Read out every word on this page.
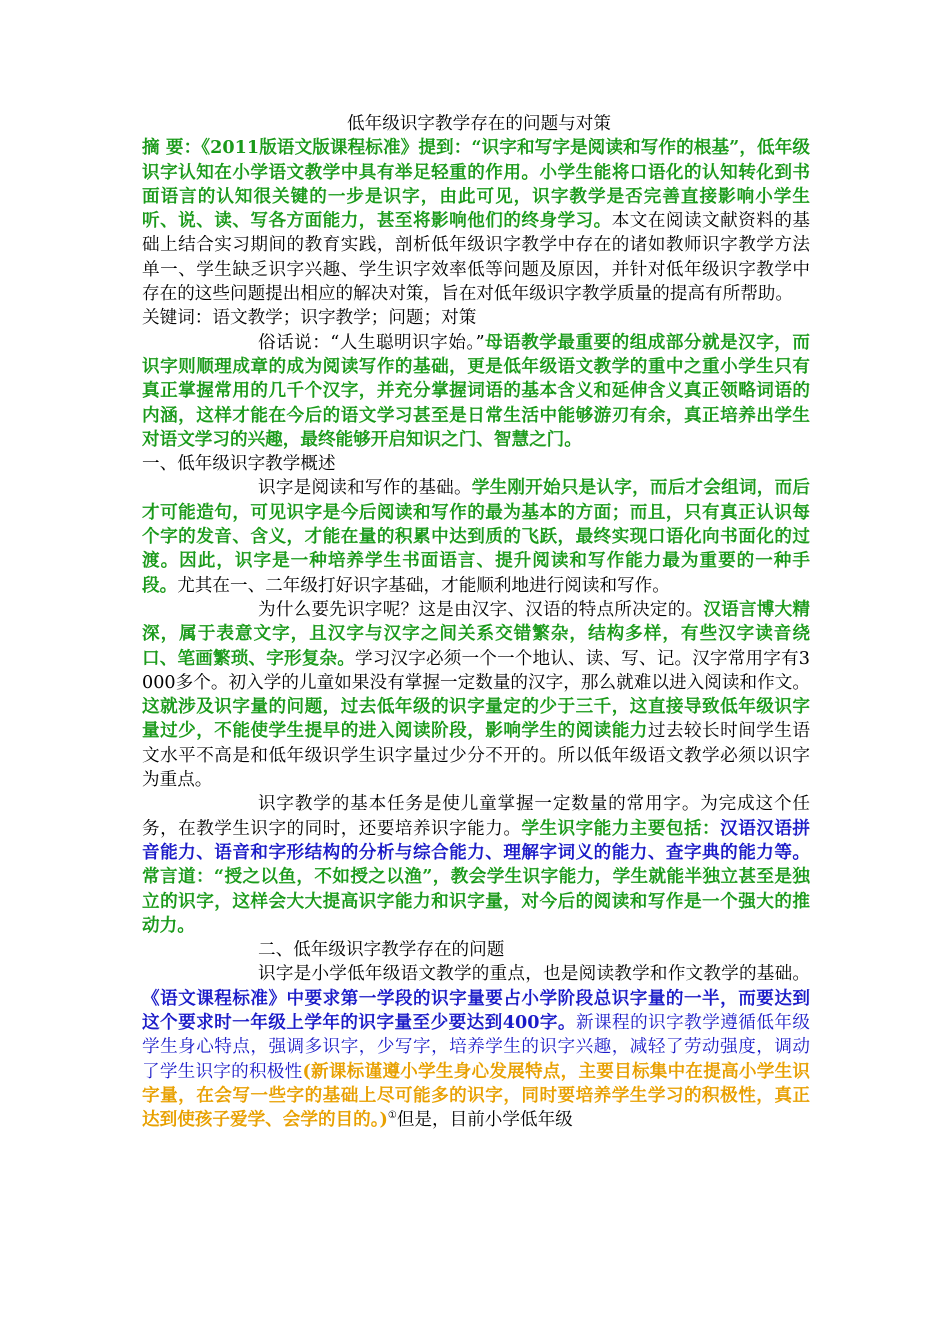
低年级识字教学存在的问题与对策

摘 要：《2011版语文版课程标准》提到：“识字和写字是阅读和写作的根基”，低年级识字认知在小学语文教学中具有举足轻重的作用。小学生能将口语化的认知转化到书面语言的认知很关键的一步是识字，由此可见，识字教学是否完善直接影响小学生听、说、读、写各方面能力，甚至将影响他们的终身学习。本文在阅读文献资料的基础上结合实习期间的教育实践，剖析低年级识字教学中存在的诸如教师识字教学方法单一、学生缺乏识字兴趣、学生识字效率低等问题及原因，并针对低年级识字教学中存在的这些问题提出相应的解决对策，旨在对低年级识字教学质量的提高有所帮助。

关键词：语文教学；识字教学；问题；对策

俗话说：“人生聪明识字始。”母语教学最重要的组成部分就是汉字，而识字则顺理成章的成为阅读写作的基础，更是低年级语文教学的重中之重小学生只有真正掌握常用的几千个汉字，并充分掌握词语的基本含义和延伸含义真正领略词语的内涵，这样才能在今后的语文学习甚至是日常生活中能够游刃有余，真正培养出学生对语文学习的兴趣，最终能够开启知识之门、智慧之门。

一、低年级识字教学概述

识字是阅读和写作的基础。学生刚开始只是认字，而后才会组词，而后才可能造句，可见识字是今后阅读和写作的最为基本的方面；而且，只有真正认识每个字的发音、含义，才能在量的积累中达到质的飞跃，最终实现口语化向书面化的过渡。因此，识字是一种培养学生书面语言、提升阅读和写作能力最为重要的一种手段。尤其在一、二年级打好识字基础，才能顺利地进行阅读和写作。

为什么要先识字呢？这是由汉字、汉语的特点所决定的。汉语言博大精深，属于表意文字，且汉字与汉字之间关系交错繁杂，结构多样，有些汉字读音绕口、笔画繁琐、字形复杂。学习汉字必须一个一个地认、读、写、记。汉字常用字有3000多个。初入学的儿童如果没有掌握一定数量的汉字，那么就难以进入阅读和作文。这就涉及识字量的问题，过去低年级的识字量定的少于三千，这直接导致低年级识字量过少，不能使学生提早的进入阅读阶段，影响学生的阅读能力过去较长时间学生语文水平不高是和低年级识学生识字量过少分不开的。所以低年级语文教学必须以识字为重点。

识字教学的基本任务是使儿童掌握一定数量的常用字。为完成这个任务，在教学生识字的同时，还要培养识字能力。学生识字能力主要包括：汉语汉语拼音能力、语音和字形结构的分析与综合能力、理解字词义的能力、查字典的能力等。常言道：“授之以鱼，不如授之以渔”，教会学生识字能力，学生就能半独立甚至是独立的识字，这样会大大提高识字能力和识字量，对今后的阅读和写作是一个强大的推动力。

二、低年级识字教学存在的问题

识字是小学低年级语文教学的重点，也是阅读教学和作文教学的基础。《语文课程标准》中要求第一学段的识字量要占小学阶段总识字量的一半，而要达到这个要求时一年级上学年的识字量至少要达到400字。新课程的识字教学遵循低年级学生身心特点，强调多识字，少写字，培养学生的识字兴趣，减轻了劳动强度，调动了学生识字的积极性(新课标谨遵小学生身心发展特点，主要目标集中在提高小学生识字量，在会写一些字的基础上尽可能多的识字，同时要培养学生学习的积极性，真正达到使孩子爱学、会学的目的。)①但是，目前小学低年级
